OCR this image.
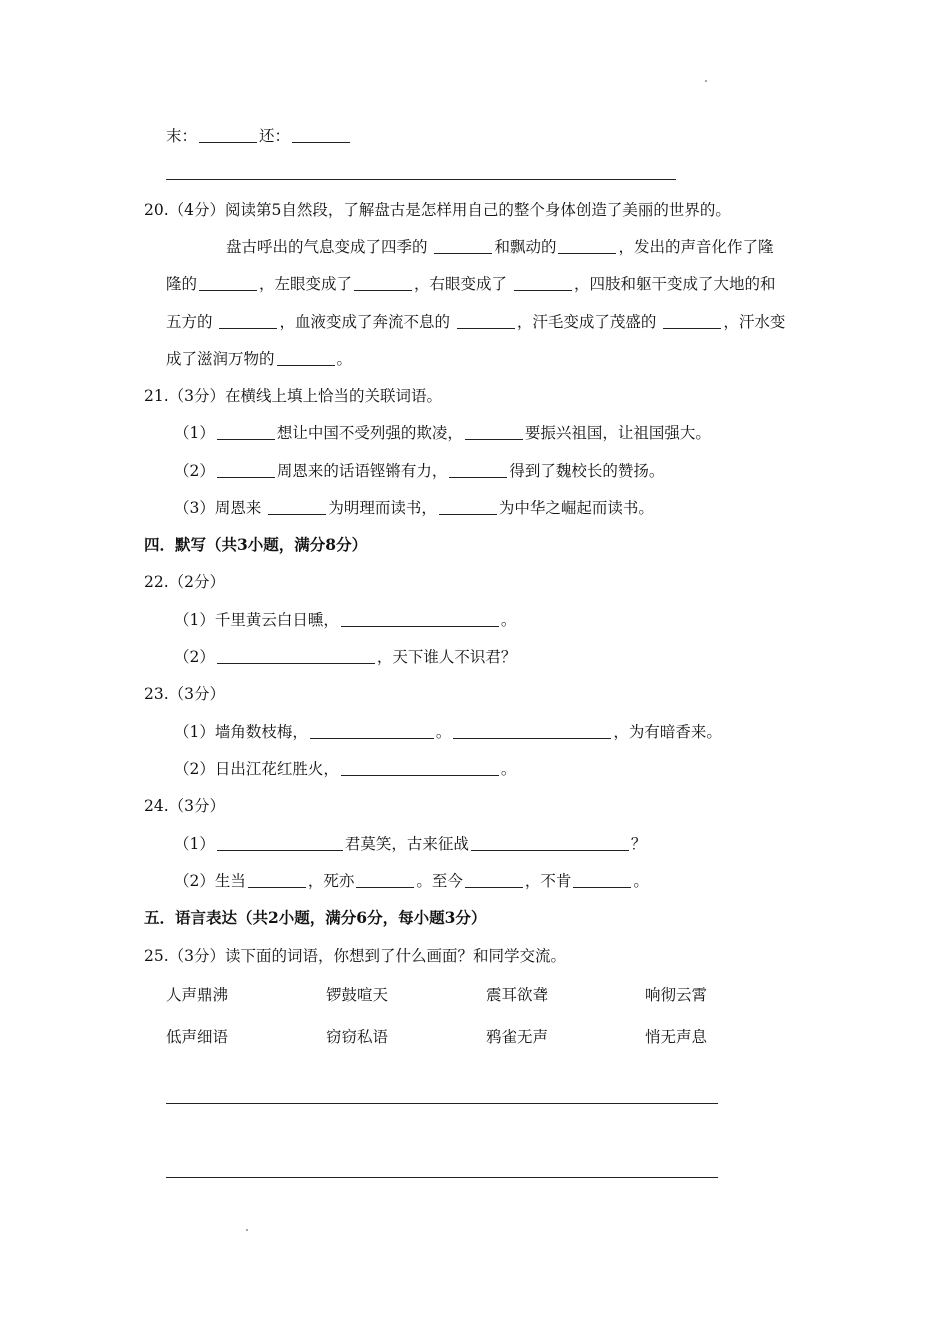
末：	还：
20.（4分）阅读第5自然段，了解盘古是怎样用自己的整个身体创造了美丽的世界的。
盘古呼出的气息变成了四季的	和飘动的	，发出的声音化作了隆
隆的	，左眼变成了	，右眼变成了	，四肢和躯干变成了大地的和
五方的	，血液变成了奔流不息的	，汗毛变成了茂盛的	，汗水变
成了滋润万物的	。
21.（3分）在横线上填上恰当的关联词语。
（1）	想让中国不受列强的欺凌，	要振兴祖国，让祖国强大。
（2）	周恩来的话语铿锵有力，	得到了魏校长的赞扬。
（3）周恩来	为明理而读书，	为中华之崛起而读书。
四．默写（共3小题，满分8分）
22.（2分）
（1）千里黄云白日曛，	。
（2）	，天下谁人不识君？
23.（3分）
（1）墙角数枝梅，	。	，为有暗香来。
（2）日出江花红胜火，	。
24.（3分）
（1）	君莫笑，古来征战	？
（2）生当	，死亦	。至今	，不肯	。
五．语言表达（共2小题，满分6分，每小题3分）
25.（3分）读下面的词语，你想到了什么画面？和同学交流。
人声鼎沸	锣鼓喧天	震耳欲聋	响彻云霄
低声细语	窃窃私语	鸦雀无声	悄无声息
